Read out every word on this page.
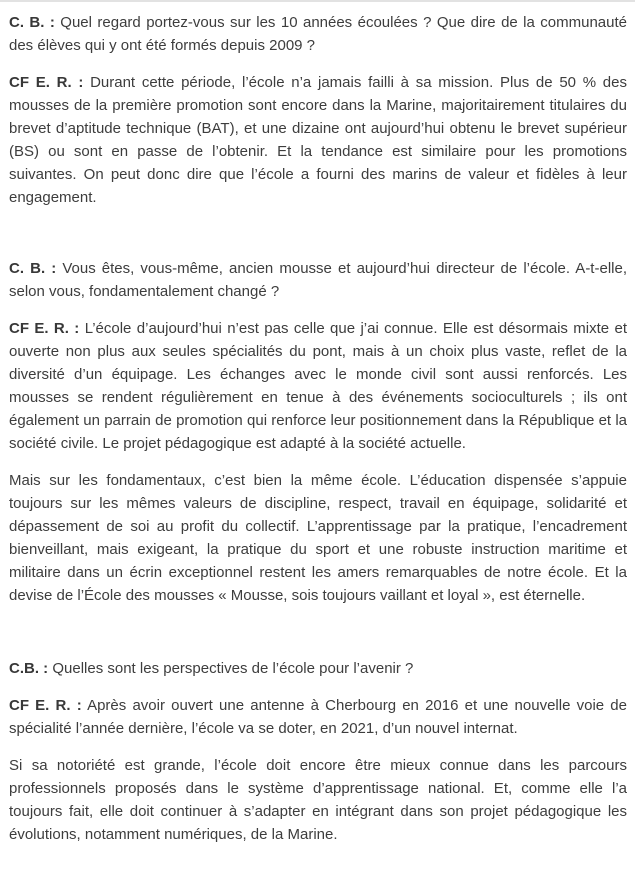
C. B. : Quel regard portez-vous sur les 10 années écoulées ? Que dire de la communauté des élèves qui y ont été formés depuis 2009 ?

CF E. R. : Durant cette période, l’école n’a jamais failli à sa mission. Plus de 50 % des mousses de la première promotion sont encore dans la Marine, majoritairement titulaires du brevet d’aptitude technique (BAT), et une dizaine ont aujourd’hui obtenu le brevet supérieur (BS) ou sont en passe de l’obtenir. Et la tendance est similaire pour les promotions suivantes. On peut donc dire que l’école a fourni des marins de valeur et fidèles à leur engagement.

C. B. : Vous êtes, vous-même, ancien mousse et aujourd’hui directeur de l’école. A-t-elle, selon vous, fondamentalement changé ?

CF E. R. : L’école d’aujourd’hui n’est pas celle que j’ai connue. Elle est désormais mixte et ouverte non plus aux seules spécialités du pont, mais à un choix plus vaste, reflet de la diversité d’un équipage. Les échanges avec le monde civil sont aussi renforcés. Les mousses se rendent régulièrement en tenue à des événements socioculturels ; ils ont également un parrain de promotion qui renforce leur positionnement dans la République et la société civile. Le projet pédagogique est adapté à la société actuelle.

Mais sur les fondamentaux, c’est bien la même école. L’éducation dispensée s’appuie toujours sur les mêmes valeurs de discipline, respect, travail en équipage, solidarité et dépassement de soi au profit du collectif. L’apprentissage par la pratique, l’encadrement bienveillant, mais exigeant, la pratique du sport et une robuste instruction maritime et militaire dans un écrin exceptionnel restent les amers remarquables de notre école. Et la devise de l’École des mousses « Mousse, sois toujours vaillant et loyal », est éternelle.

C.B. : Quelles sont les perspectives de l’école pour l’avenir ?

CF E. R. : Après avoir ouvert une antenne à Cherbourg en 2016 et une nouvelle voie de spécialité l’année dernière, l’école va se doter, en 2021, d’un nouvel internat.

Si sa notoriété est grande, l’école doit encore être mieux connue dans les parcours professionnels proposés dans le système d’apprentissage national. Et, comme elle l’a toujours fait, elle doit continuer à s’adapter en intégrant dans son projet pédagogique les évolutions, notamment numériques, de la Marine.
